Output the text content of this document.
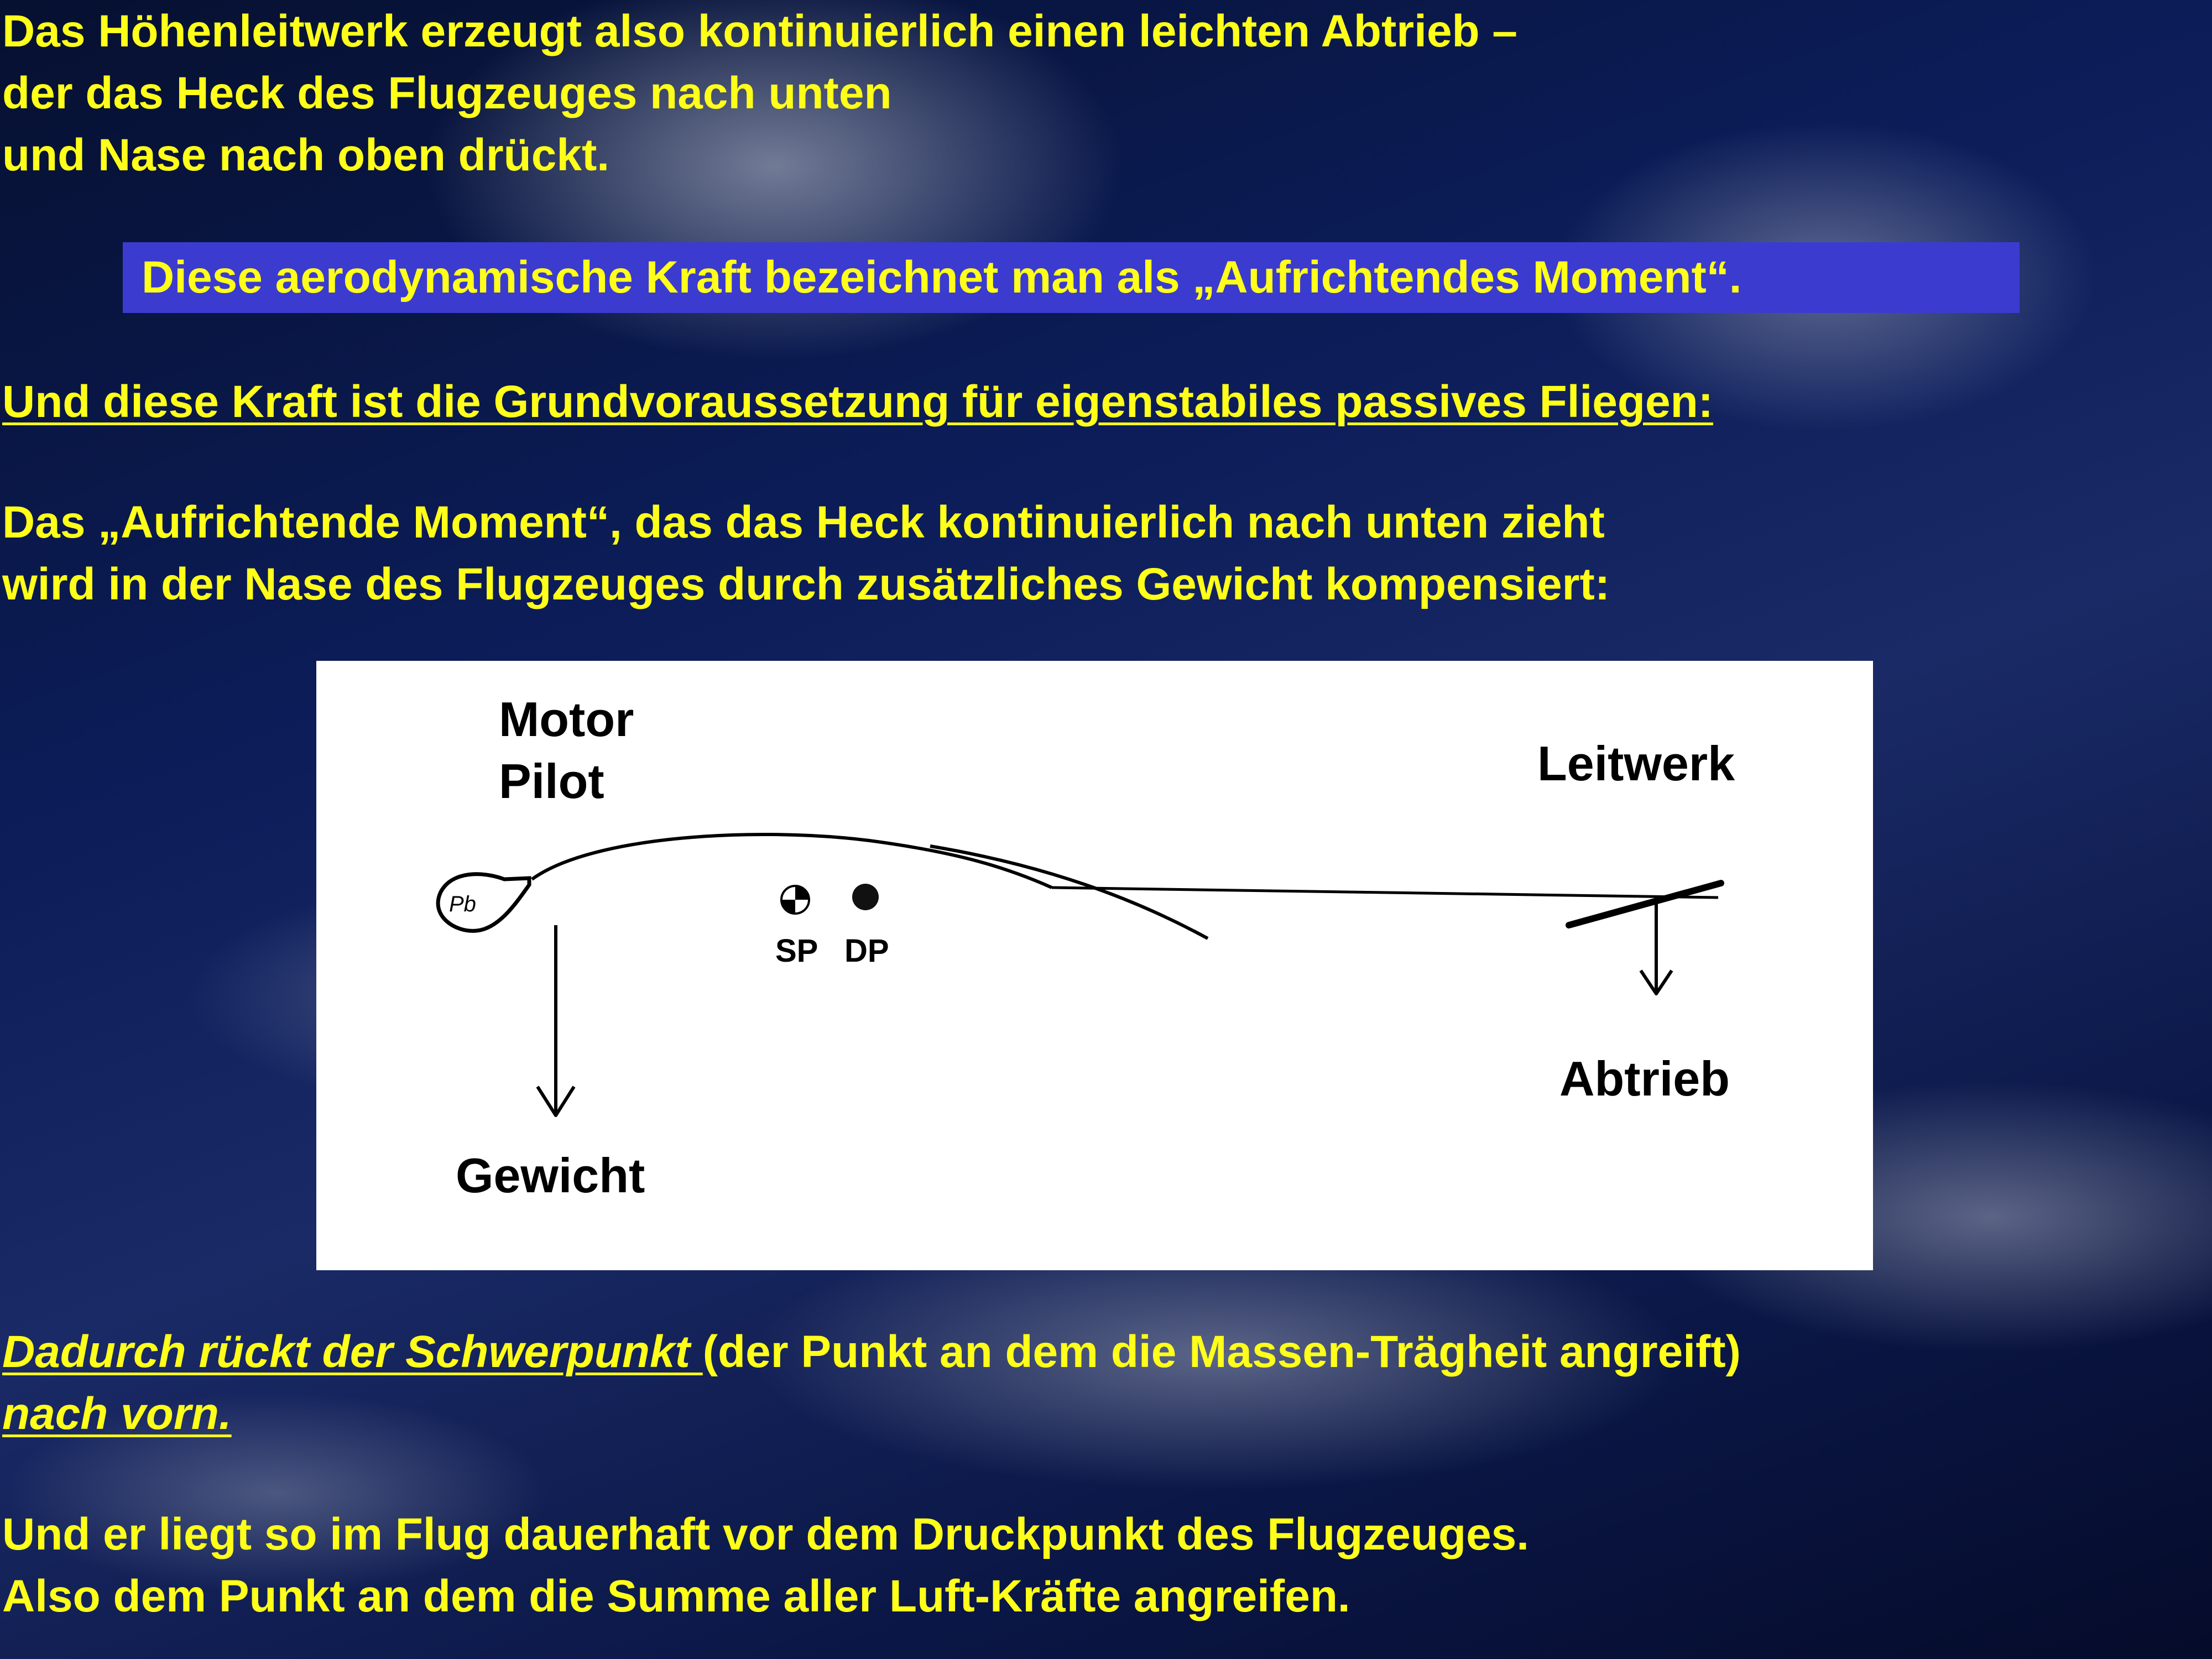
Das Höhenleitwerk erzeugt also kontinuierlich einen leichten Abtrieb –
der das Heck des Flugzeuges nach unten
und Nase nach oben drückt.
Diese aerodynamische Kraft bezeichnet man als „Aufrichtendes Moment“.
Und diese Kraft ist die Grundvoraussetzung für eigenstabiles passives Fliegen:
Das „Aufrichtende Moment“, das das Heck kontinuierlich nach unten zieht
wird in der Nase des Flugzeuges durch zusätzliches Gewicht kompensiert:
Motor
Pilot	Leitwerk
Abtrieb
Gewicht
SP DP
Pb
Dadurch rückt der Schwerpunkt (der Punkt an dem die Massen-Trägheit angreift)
nach vorn.
Und er liegt so im Flug dauerhaft vor dem Druckpunkt des Flugzeuges.
Also dem Punkt an dem die Summe aller Luft-Kräfte angreifen.
